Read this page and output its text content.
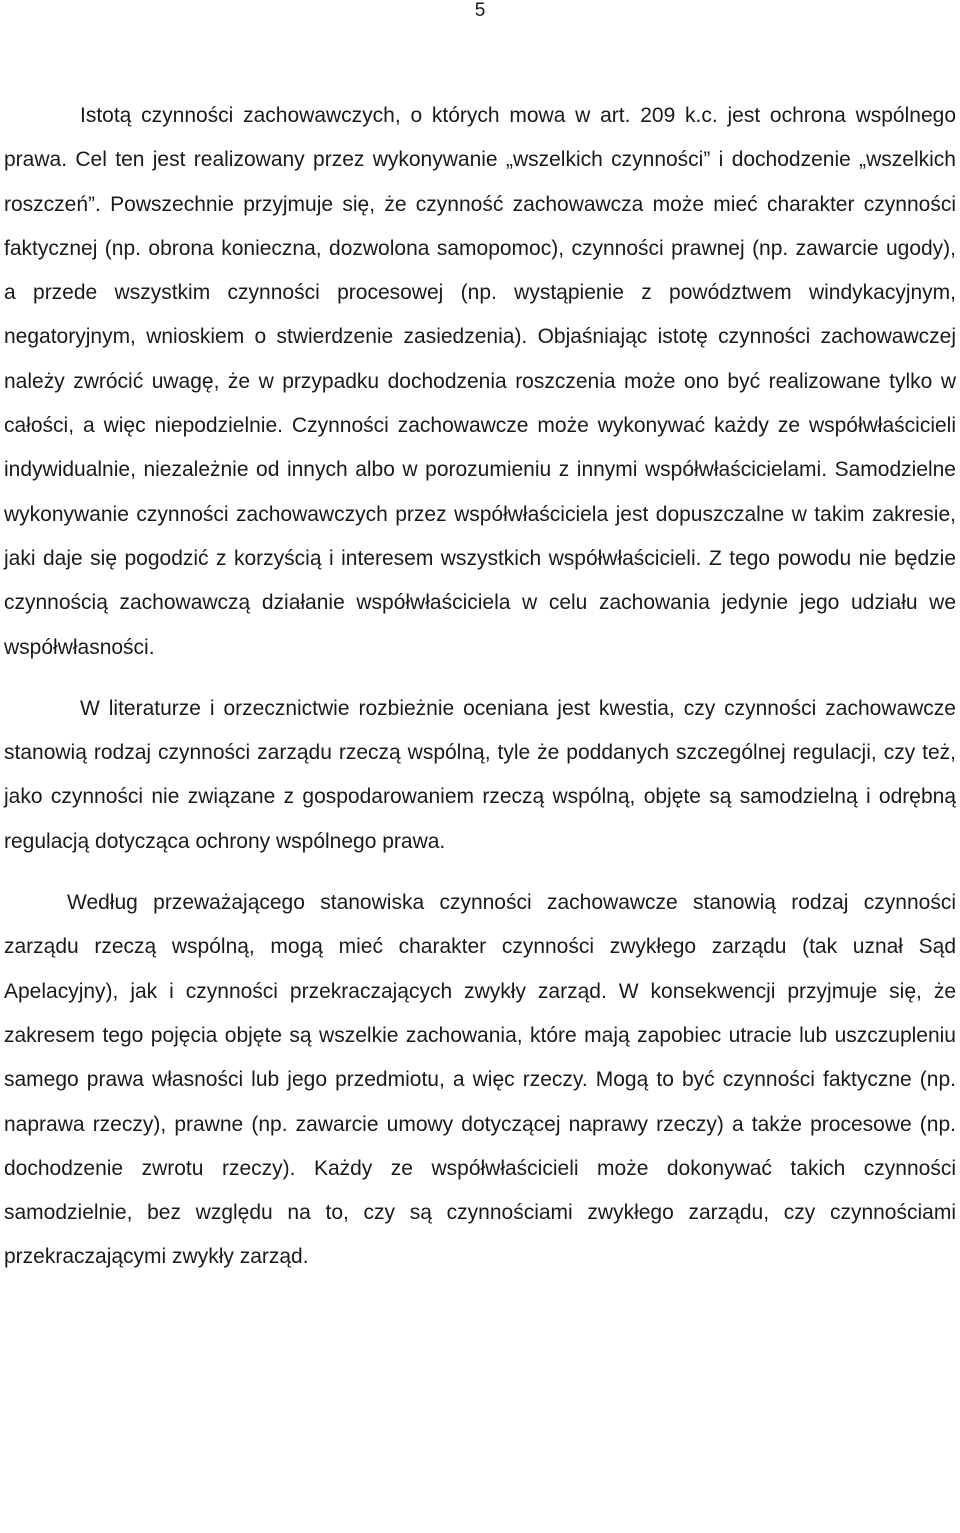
5

Istotą czynności zachowawczych, o których mowa w art. 209 k.c. jest ochrona wspólnego prawa. Cel ten jest realizowany przez wykonywanie „wszelkich czynności” i dochodzenie „wszelkich roszczeń”. Powszechnie przyjmuje się, że czynność zachowawcza może mieć charakter czynności faktycznej (np. obrona konieczna, dozwolona samopomoc), czynności prawnej (np. zawarcie ugody), a przede wszystkim czynności procesowej (np. wystąpienie z powództwem windykacyjnym, negatoryjnym, wnioskiem o stwierdzenie zasiedzenia). Objaśniając istotę czynności zachowawczej należy zwrócić uwagę, że w przypadku dochodzenia roszczenia może ono być realizowane tylko w całości, a więc niepodzielnie. Czynności zachowawcze może wykonywać każdy ze współwłaścicieli indywidualnie, niezależnie od innych albo w porozumieniu z innymi współwłaścicielami. Samodzielne wykonywanie czynności zachowawczych przez współwłaściciela jest dopuszczalne w takim zakresie, jaki daje się pogodzić z korzyścią i interesem wszystkich współwłaścicieli. Z tego powodu nie będzie czynnością zachowawczą działanie współwłaściciela w celu zachowania jedynie jego udziału we współwłasności.

W literaturze i orzecznictwie rozbieżnie oceniana jest kwestia, czy czynności zachowawcze stanowią rodzaj czynności zarządu rzeczą wspólną, tyle że poddanych szczególnej regulacji, czy też, jako czynności nie związane z gospodarowaniem rzeczą wspólną, objęte są samodzielną i odrębną regulacją dotycząca ochrony wspólnego prawa.

Według przeważającego stanowiska czynności zachowawcze stanowią rodzaj czynności zarządu rzeczą wspólną, mogą mieć charakter czynności zwykłego zarządu (tak uznał Sąd Apelacyjny), jak i czynności przekraczających zwykły zarząd. W konsekwencji przyjmuje się, że zakresem tego pojęcia objęte są wszelkie zachowania, które mają zapobiec utracie lub uszczupleniu samego prawa własności lub jego przedmiotu, a więc rzeczy. Mogą to być czynności faktyczne (np. naprawa rzeczy), prawne (np. zawarcie umowy dotyczącej naprawy rzeczy) a także procesowe (np. dochodzenie zwrotu rzeczy). Każdy ze współwłaścicieli może dokonywać takich czynności samodzielnie, bez względu na to, czy są czynnościami zwykłego zarządu, czy czynnościami przekraczającymi zwykły zarząd.
